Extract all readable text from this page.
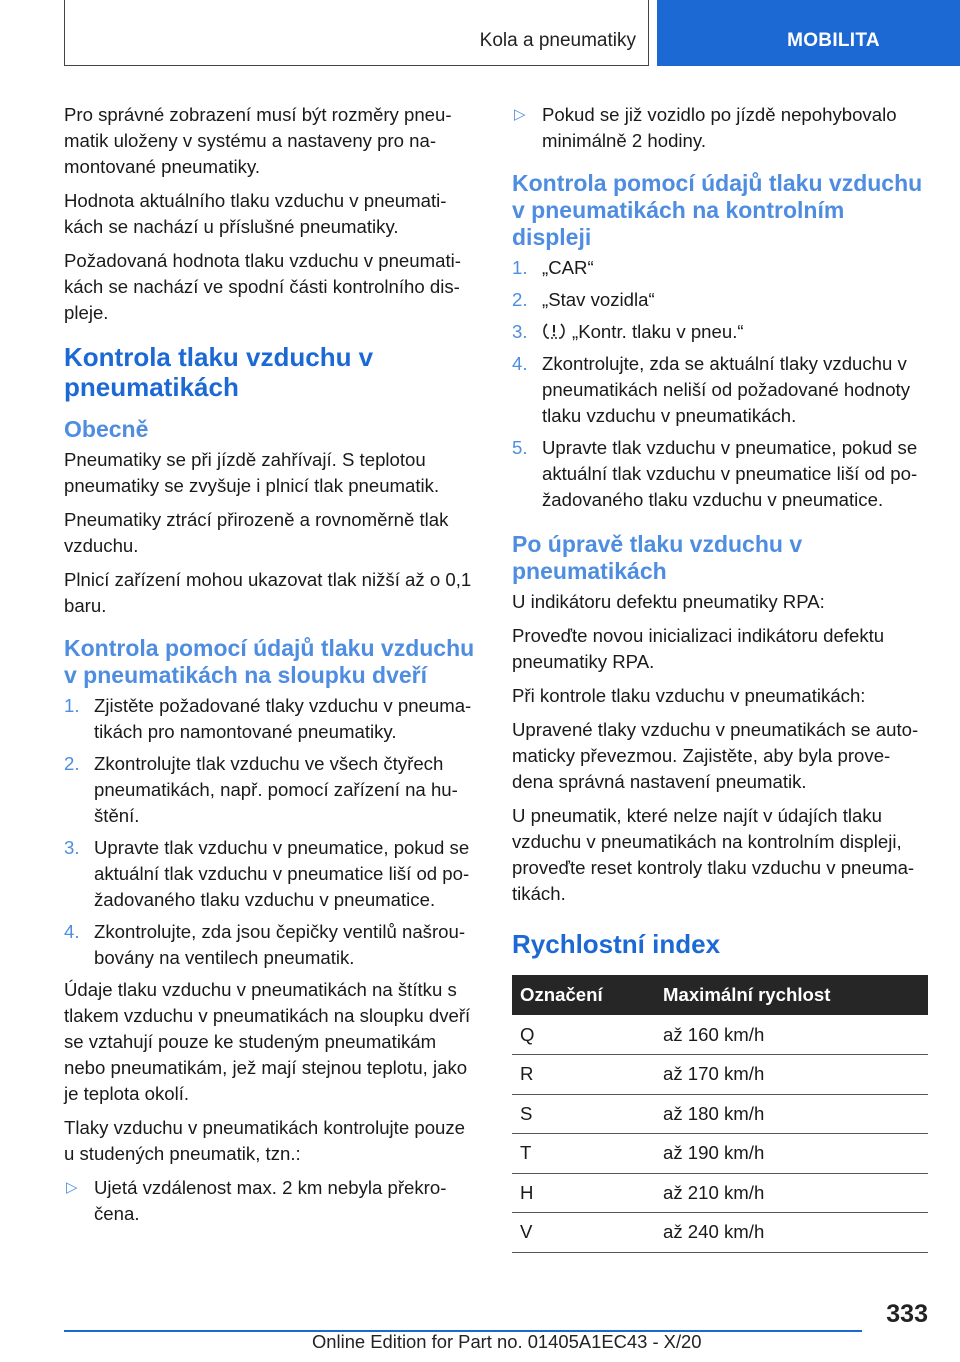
Kola a pneumatiky	MOBILITA

Pro správné zobrazení musí být rozměry pneu-matik uloženy v systému a nastaveny pro na-montované pneumatiky.

Hodnota aktuálního tlaku vzduchu v pneumati-kách se nachází u příslušné pneumatiky.

Požadovaná hodnota tlaku vzduchu v pneumati-kách se nachází ve spodní části kontrolního dis-pleje.

Kontrola tlaku vzduchu v pneumatikách
Obecně

Pneumatiky se při jízdě zahřívají. S teplotou pneumatiky se zvyšuje i plnicí tlak pneumatik.

Pneumatiky ztrácí přirozeně a rovnoměrně tlak vzduchu.

Plnicí zařízení mohou ukazovat tlak nižší až o 0,1 baru.

Kontrola pomocí údajů tlaku vzduchu v pneumatikách na sloupku dveří
1. Zjistěte požadované tlaky vzduchu v pneuma-tikách pro namontované pneumatiky.
2. Zkontrolujte tlak vzduchu ve všech čtyřech pneumatikách, např. pomocí zařízení na hu-štění.
3. Upravte tlak vzduchu v pneumatice, pokud se aktuální tlak vzduchu v pneumatice liší od po-žadovaného tlaku vzduchu v pneumatice.
4. Zkontrolujte, zda jsou čepičky ventilů našrou-bovány na ventilech pneumatik.

Údaje tlaku vzduchu v pneumatikách na štítku s tlakem vzduchu v pneumatikách na sloupku dveří se vztahují pouze ke studeným pneumatikám nebo pneumatikám, jež mají stejnou teplotu, jako je teplota okolí.

Tlaky vzduchu v pneumatikách kontrolujte pouze u studených pneumatik, tzn.:

▷ Ujetá vzdálenost max. 2 km nebyla překro-čena.
▷ Pokud se již vozidlo po jízdě nepohybovalo minimálně 2 hodiny.
Kontrola pomocí údajů tlaku vzduchu v pneumatikách na kontrolním displeji
1. „CAR“
2. „Stav vozidla“
3. „Kontr. tlaku v pneu.“
4. Zkontrolujte, zda se aktuální tlaky vzduchu v pneumatikách neliší od požadované hodnoty tlaku vzduchu v pneumatikách.
5. Upravte tlak vzduchu v pneumatice, pokud se aktuální tlak vzduchu v pneumatice liší od po-žadovaného tlaku vzduchu v pneumatice.
Po úpravě tlaku vzduchu v pneumatikách

U indikátoru defektu pneumatiky RPA:

Proveďte novou inicializaci indikátoru defektu pneumatiky RPA.

Při kontrole tlaku vzduchu v pneumatikách:

Upravené tlaky vzduchu v pneumatikách se auto-maticky převezmou. Zajistěte, aby byla prove-dena správná nastavení pneumatik.

U pneumatik, které nelze najít v údajích tlaku vzduchu v pneumatikách na kontrolním displeji, proveďte reset kontroly tlaku vzduchu v pneuma-tikách.

Rychlostní index
Označení	Maximální rychlost
Q	až 160 km/h
R	až 170 km/h
S	až 180 km/h
T	až 190 km/h
H	až 210 km/h
V	až 240 km/h
333
Online Edition for Part no. 01405A1EC43 - X/20
